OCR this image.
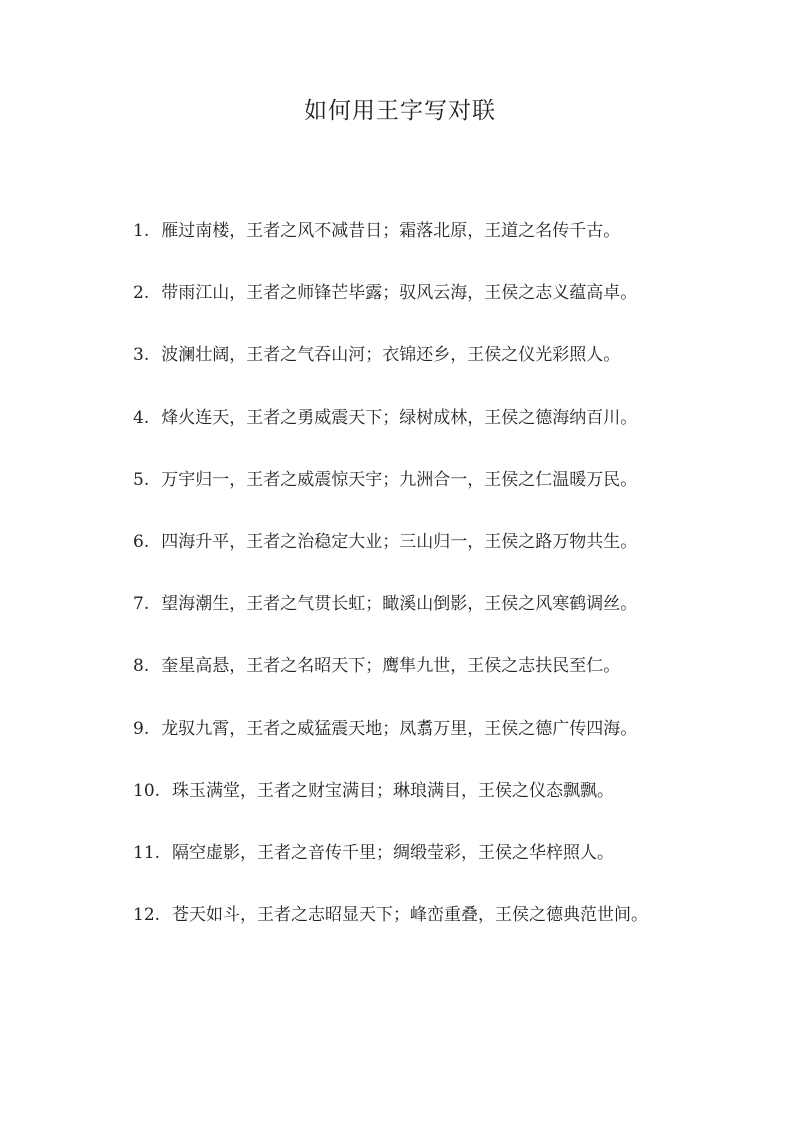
如何用王字写对联
1. 雁过南楼，王者之风不减昔日；霜落北原，王道之名传千古。
2. 带雨江山，王者之师锋芒毕露；驭风云海，王侯之志义蕴高卓。
3. 波澜壮阔，王者之气吞山河；衣锦还乡，王侯之仪光彩照人。
4. 烽火连天，王者之勇威震天下；绿树成林，王侯之德海纳百川。
5. 万宇归一，王者之威震惊天宇；九洲合一，王侯之仁温暖万民。
6. 四海升平，王者之治稳定大业；三山归一，王侯之路万物共生。
7. 望海潮生，王者之气贯长虹；瞰溪山倒影，王侯之风寒鹤调丝。
8. 奎星高悬，王者之名昭天下；鹰隼九世，王侯之志扶民至仁。
9. 龙驭九霄，王者之威猛震天地；凤翥万里，王侯之德广传四海。
10. 珠玉满堂，王者之财宝满目；琳琅满目，王侯之仪态飘飘。
11. 隔空虚影，王者之音传千里；绸缎莹彩，王侯之华梓照人。
12. 苍天如斗，王者之志昭显天下；峰峦重叠，王侯之德典范世间。
